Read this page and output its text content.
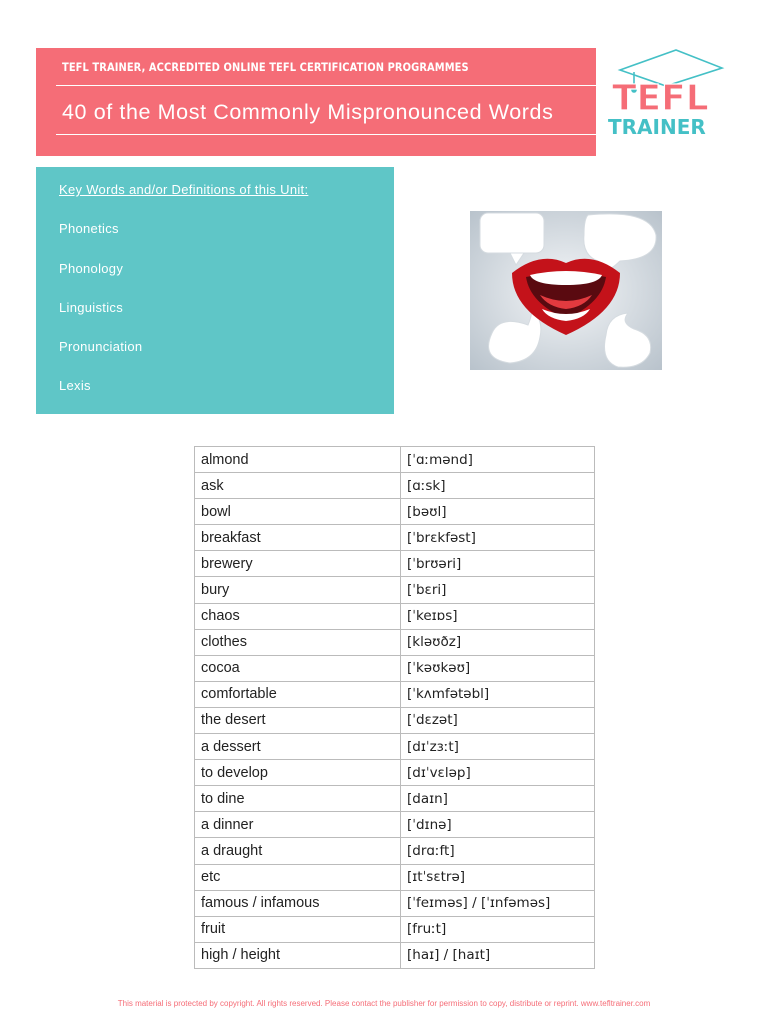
TEFL TRAINER, ACCREDITED ONLINE TEFL CERTIFICATION PROGRAMMES
40 of the Most Commonly Mispronounced Words TEFL
TRAINER
Key Words and/or Definitions of this Unit:
Phonetics
Phonology
Linguistics
Pronunciation
Lexis
almond	[ˈɑːmənd]
ask	[ɑːsk]
bowl	[bəʊl]
breakfast	[ˈbrɛkfəst]
brewery	[ˈbrʊəri]
bury	[ˈbɛri]
chaos	[ˈkeɪɒs]
clothes	[kləʊðz]
cocoa	[ˈkəʊkəʊ]
comfortable	[ˈkʌmfətəbl]
the desert	[ˈdɛzət]
a dessert	[dɪˈzɜːt]
to develop	[dɪˈvɛləp]
to dine	[daɪn]
a dinner	[ˈdɪnə]
a draught	[drɑːft]
etc	[ɪtˈsɛtrə]
famous / infamous	[ˈfeɪməs] / [ˈɪnfəməs]
fruit	[fruːt]
high / height	[haɪ] / [haɪt]
This material is protected by copyright. All rights reserved. Please contact the publisher for permission to copy, distribute or reprint. www.tefltrainer.com
